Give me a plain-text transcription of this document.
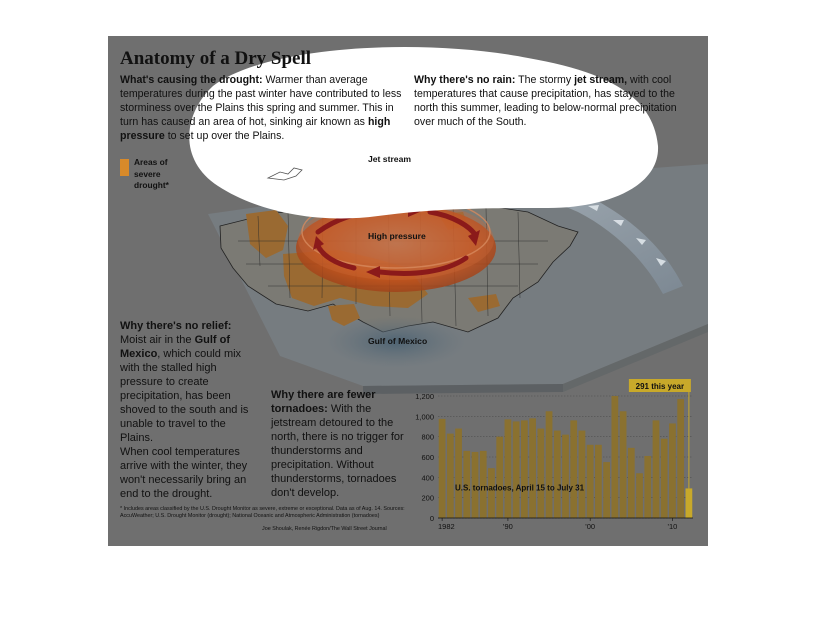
Anatomy of a Dry Spell
What's causing the drought: Warmer than average temperatures during the past winter have contributed to less storminess over the Plains this spring and summer. This in turn has caused an area of hot, sinking air known as high pressure to set up over the Plains.
Why there's no rain: The stormy jet stream, with cool temperatures that cause precipitation, has stayed to the north this summer, leading to below-normal precipitation over much of the South.
Areas of severe drought*
Jet stream
High pressure
Gulf of Mexico
Why there's no relief:
Moist air in the Gulf of Mexico, which could mix with the stalled high pressure to create precipitation, has been shoved to the south and is unable to travel to the Plains.
When cool temperatures arrive with the winter, they won't necessarily bring an end to the drought.
Why there are fewer tornadoes: With the jetstream detoured to the north, there is no trigger for thunderstorms and precipitation. Without thunderstorms, tornadoes don't develop.
* Includes areas classified by the U.S. Drought Monitor as severe, extreme or exceptional. Data as of Aug. 14. Sources: AccuWeather; U.S. Drought Monitor (drought); National Oceanic and Atmospheric Administration (tornadoes)
Joe Shoulak, Renée Rigdon/The Wall Street Journal
0
200
400
600
800
1,000
1,200
1982	'90	'00	'10
291 this year
U.S. tornadoes, April 15 to July 31
